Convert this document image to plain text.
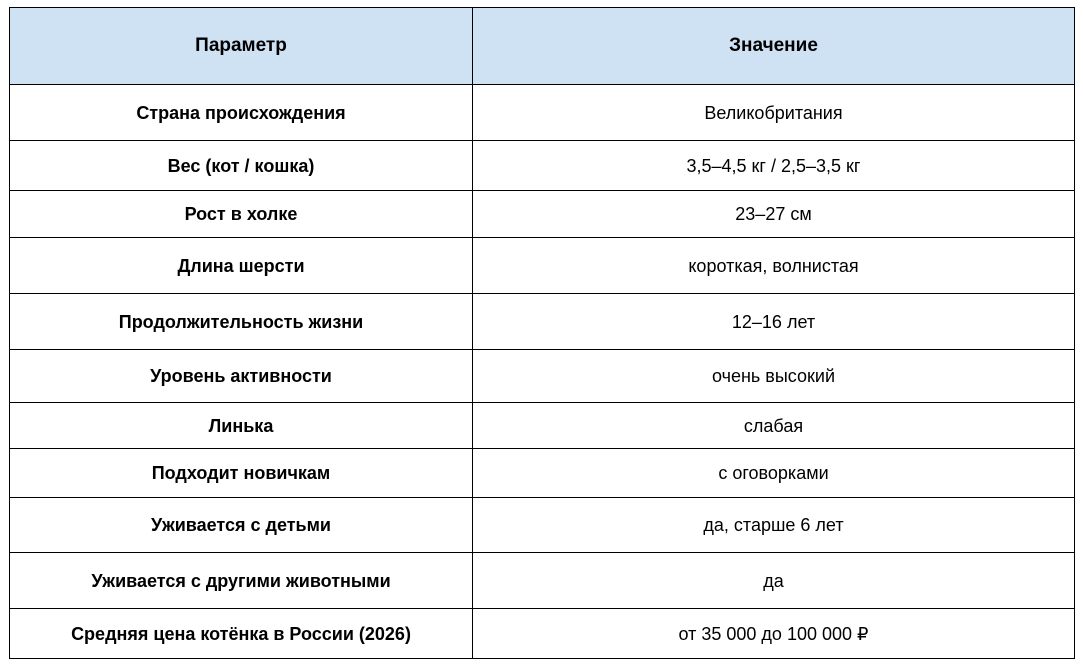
Параметр	Значение
Страна происхождения	Великобритания
Вес (кот / кошка)	3,5–4,5 кг / 2,5–3,5 кг
Рост в холке	23–27 см
Длина шерсти	короткая, волнистая
Продолжительность жизни	12–16 лет
Уровень активности	очень высокий
Линька	слабая
Подходит новичкам	с оговорками
Уживается с детьми	да, старше 6 лет
Уживается с другими животными	да
Средняя цена котёнка в России (2026)	от 35 000 до 100 000 ₽
